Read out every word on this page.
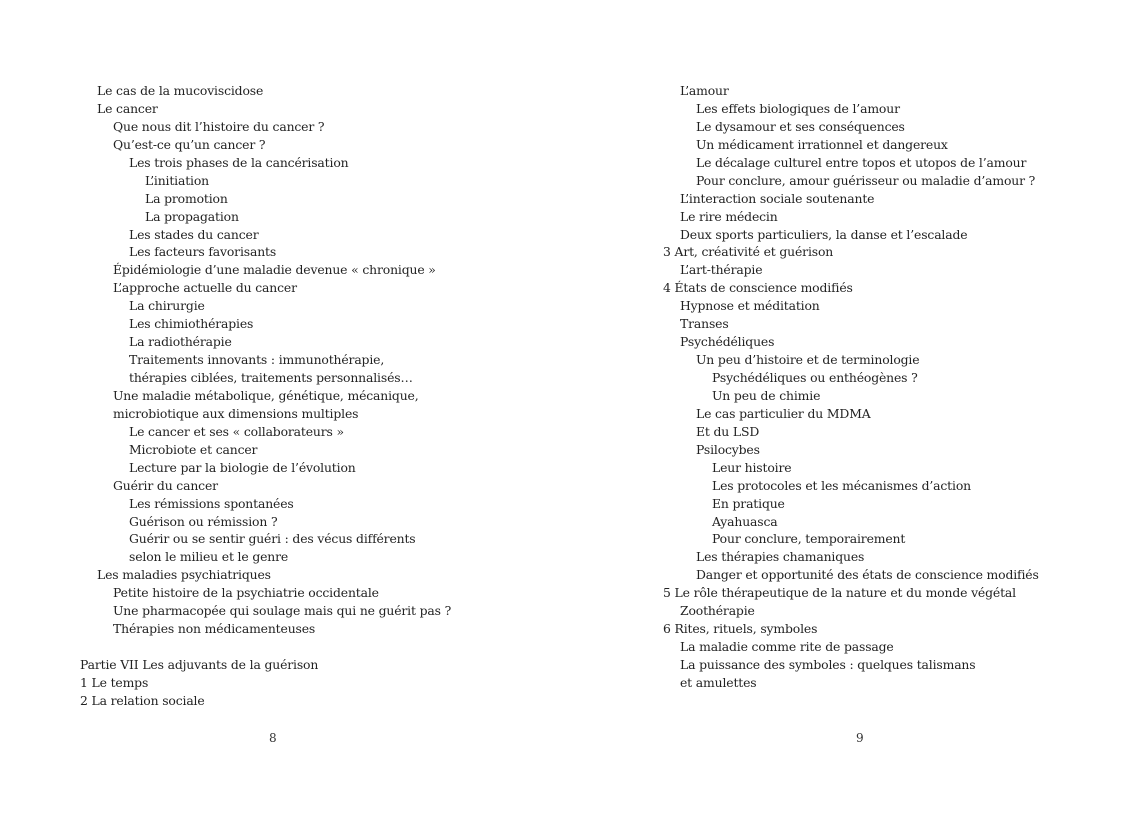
Le cas de la mucoviscidose
Le cancer
Que nous dit l’histoire du cancer ?
Qu’est-ce qu’un cancer ?
Les trois phases de la cancérisation
L’initiation
La promotion
La propagation
Les stades du cancer
Les facteurs favorisants
Épidémiologie d’une maladie devenue « chronique »
L’approche actuelle du cancer
La chirurgie
Les chimiothérapies
La radiothérapie
Traitements innovants : immunothérapie,
thérapies ciblées, traitements personnalisés…
Une maladie métabolique, génétique, mécanique,
microbiotique aux dimensions multiples
Le cancer et ses « collaborateurs »
Microbiote et cancer
Lecture par la biologie de l’évolution
Guérir du cancer
Les rémissions spontanées
Guérison ou rémission ?
Guérir ou se sentir guéri : des vécus différents
selon le milieu et le genre
Les maladies psychiatriques
Petite histoire de la psychiatrie occidentale
Une pharmacopée qui soulage mais qui ne guérit pas ?
Thérapies non médicamenteuses
Partie VII Les adjuvants de la guérison
1 Le temps
2 La relation sociale
8
L’amour
Les effets biologiques de l’amour
Le dysamour et ses conséquences
Un médicament irrationnel et dangereux
Le décalage culturel entre topos et utopos de l’amour
Pour conclure, amour guérisseur ou maladie d’amour ?
L’interaction sociale soutenante
Le rire médecin
Deux sports particuliers, la danse et l’escalade
3 Art, créativité et guérison
L’art-thérapie
4 États de conscience modifiés
Hypnose et méditation
Transes
Psychédéliques
Un peu d’histoire et de terminologie
Psychédéliques ou enthéogènes ?
Un peu de chimie
Le cas particulier du MDMA
Et du LSD
Psilocybes
Leur histoire
Les protocoles et les mécanismes d’action
En pratique
Ayahuasca
Pour conclure, temporairement
Les thérapies chamaniques
Danger et opportunité des états de conscience modifiés
5 Le rôle thérapeutique de la nature et du monde végétal
Zoothérapie
6 Rites, rituels, symboles
La maladie comme rite de passage
La puissance des symboles : quelques talismans
et amulettes
9
